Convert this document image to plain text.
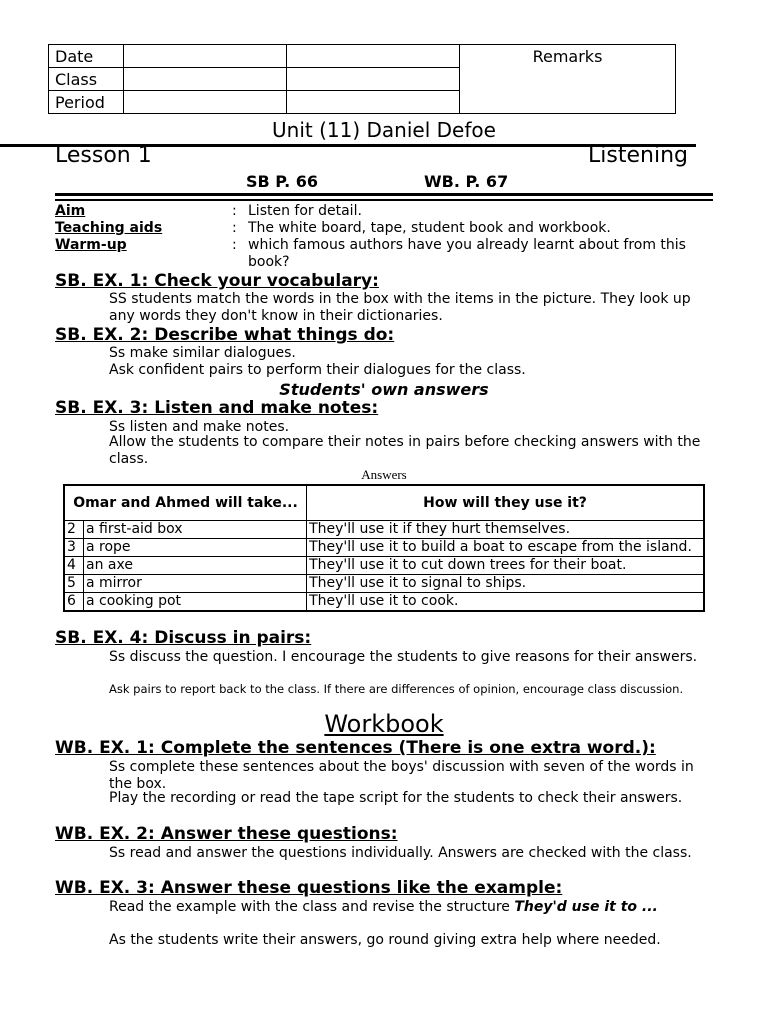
Date			Remarks
Class			
Period			
Unit (11) Daniel Defoe
Lesson 1	Listening
SB P. 66	WB. P. 67
Aim	: Listen for detail.
Teaching aids	: The white board, tape, student book and workbook.
Warm-up	: which famous authors have you already learnt about from this book?
SB. EX. 1: Check your vocabulary:
SS students match the words in the box with the items in the picture. They look up any words they don't know in their dictionaries.
SB. EX. 2: Describe what things do:
Ss make similar dialogues.
Ask confident pairs to perform their dialogues for the class.
Students' own answers
SB. EX. 3: Listen and make notes:
Ss listen and make notes.
Allow the students to compare their notes in pairs before checking answers with the class.
Answers
Omar and Ahmed will take...		How will they use it?
2	a first-aid box	They'll use it if they hurt themselves.
3	a rope	They'll use it to build a boat to escape from the island.
4	an axe	They'll use it to cut down trees for their boat.
5	a mirror	They'll use it to signal to ships.
6	a cooking pot	They'll use it to cook.
SB. EX. 4: Discuss in pairs:
Ss discuss the question. I encourage the students to give reasons for their answers.
Ask pairs to report back to the class. If there are differences of opinion, encourage class discussion.
Workbook
WB. EX. 1: Complete the sentences (There is one extra word.):
Ss complete these sentences about the boys' discussion with seven of the words in the box.
Play the recording or read the tape script for the students to check their answers.
WB. EX. 2: Answer these questions:
Ss read and answer the questions individually. Answers are checked with the class.
WB. EX. 3: Answer these questions like the example:
Read the example with the class and revise the structure They'd use it to ...
As the students write their answers, go round giving extra help where needed.
